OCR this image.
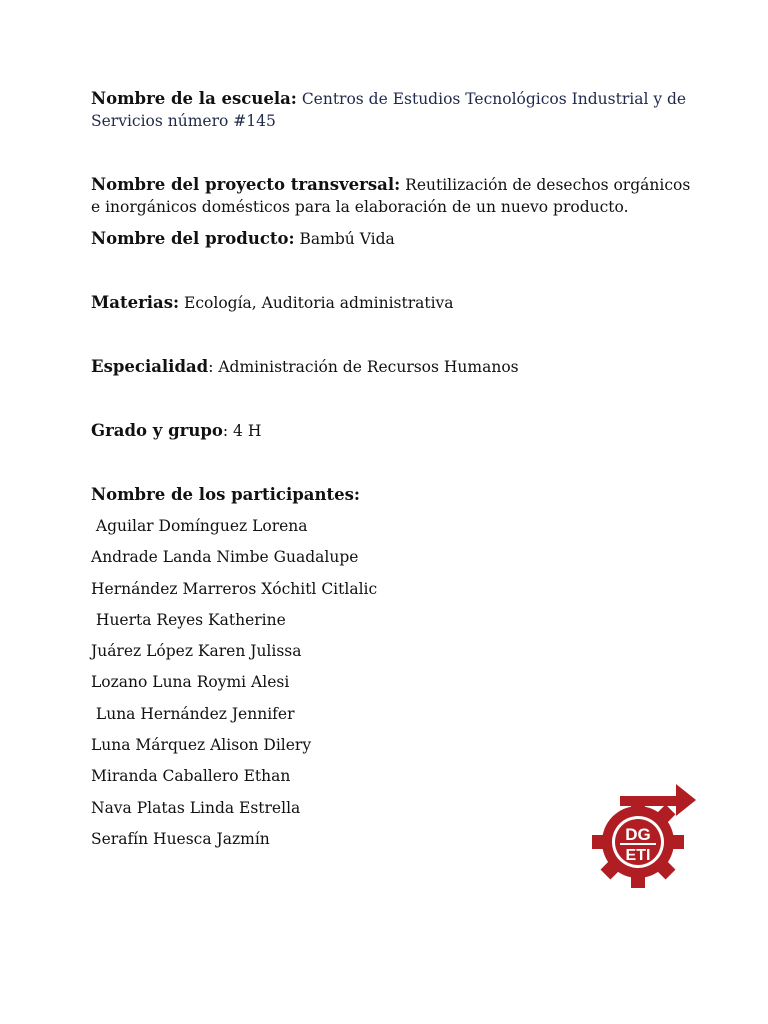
Nombre de la escuela: Centros de Estudios Tecnológicos Industrial y de Servicios número #145

Nombre del proyecto transversal: Reutilización de desechos orgánicos e inorgánicos domésticos para la elaboración de un nuevo producto.

Nombre del producto: Bambú Vida

Materias: Ecología, Auditoria administrativa

Especialidad: Administración de Recursos Humanos

Grado y grupo: 4 H

Nombre de los participantes:

Aguilar Domínguez Lorena
Andrade Landa Nimbe Guadalupe
Hernández Marreros Xóchitl Citlalic
Huerta Reyes Katherine
Juárez López Karen Julissa
Lozano Luna Roymi Alesi
Luna Hernández Jennifer
Luna Márquez Alison Dilery
Miranda Caballero Ethan
Nava Platas Linda Estrella
Serafín Huesca Jazmín	DG
ETI
